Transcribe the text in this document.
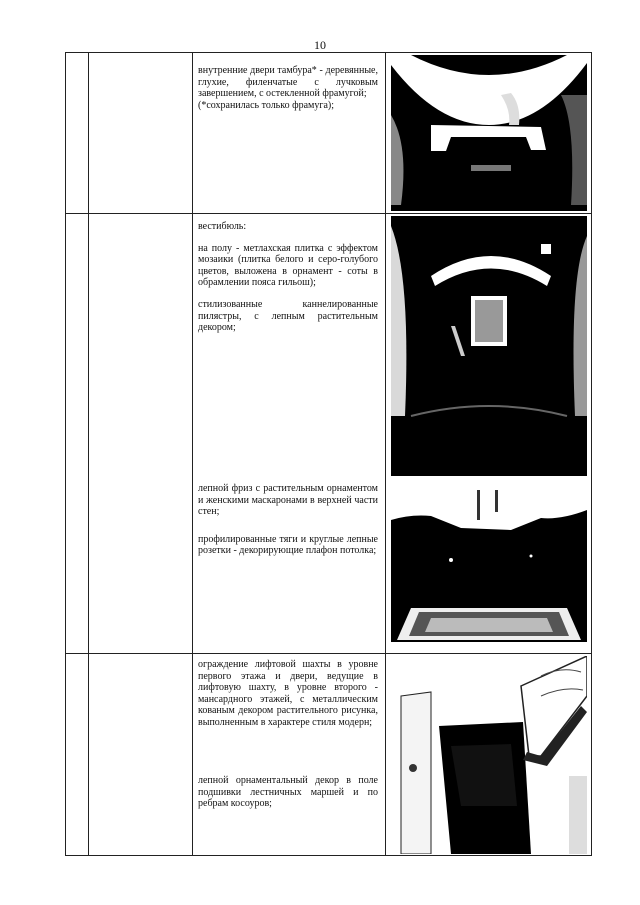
10

внутренние двери тамбура* - деревянные, глухие, филенчатые с лучковым завершением, с остекленной фрамугой;

(*сохранилась только фрамуга);

вестибюль:

на полу - метлахская плитка с эффектом мозаики (плитка белого и серо-голубого цветов, выложена в орнамент - соты в обрамлении пояса гильош);

стилизованные каннелированные пилястры, с лепным растительным декором;

лепной фриз с растительным орнаментом и женскими маскаронами в верхней части стен;

профилированные тяги и круглые лепные розетки - декорирующие плафон потолка;

ограждение лифтовой шахты в уровне первого этажа и двери, ведущие в лифтовую шахту, в уровне второго - мансардного этажей, с металлическим кованым декором растительного рисунка, выполненным в характере стиля модерн;

лепной орнаментальный декор в поле подшивки лестничных маршей и по ребрам косоуров;
